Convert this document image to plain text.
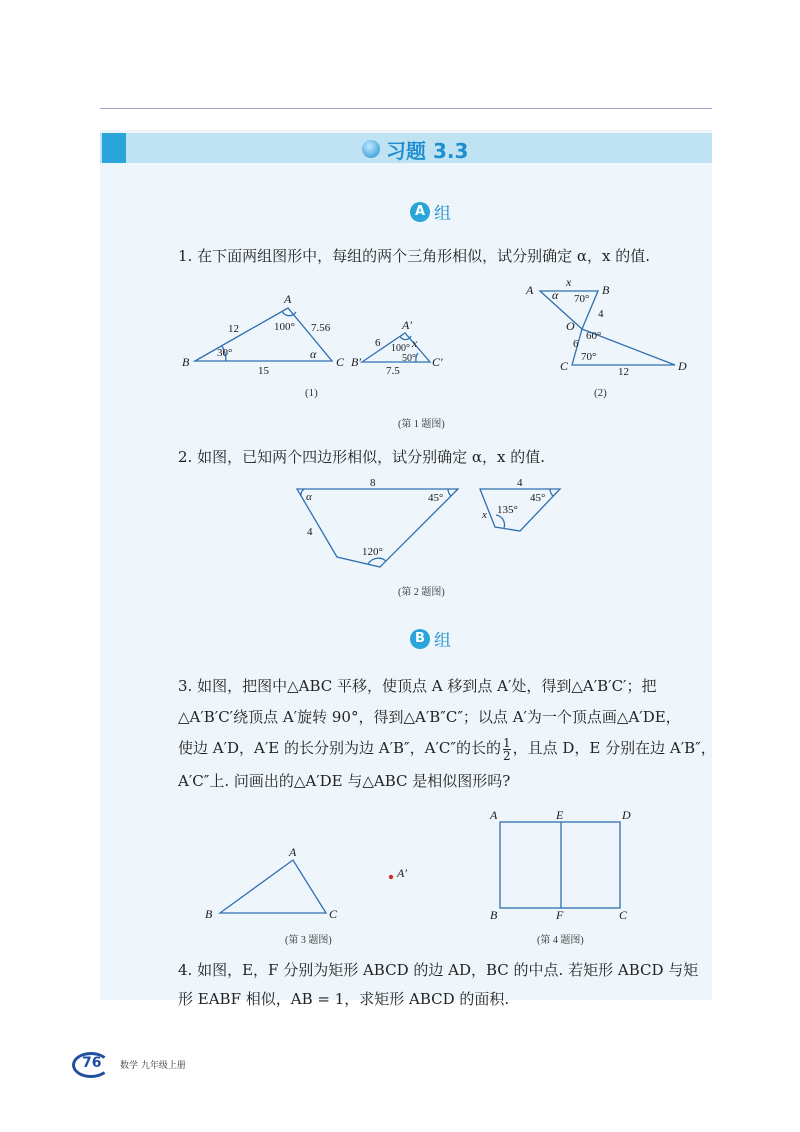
习题 3.3
A 组
1. 在下面两组图形中，每组的两个三角形相似，试分别确定 α，x 的值.
B
A
C
α
B′
A′
C′
x
A	B
O
C	D
x
α
12	7.56
15
30°
100°
6
7.5
100°
50°
70°
4
60°
6
70°
12
(1)	(2)
(第 1 题图)
2. 如图，已知两个四边形相似，试分别确定 α，x 的值.
8
4
α	45°
120°
4
x
45°
135°
(第 2 题图)
B 组
3. 如图，把图中△ABC 平移，使顶点 A 移到点 A′处，得到△A′B′C′；把
△A′B′C′绕顶点 A′旋转 90°，得到△A′B″C″；以点 A′为一个顶点画△A′DE，
使边 A′D，A′E 的长分别为边 A′B″，A′C″的长的 $\frac{1}{2}$ ，且点 D，E 分别在边 A′B″，
A′C″上. 问画出的△A′DE 与△ABC 是相似图形吗?
B
A
C
A′
A	E	D
B	F	C
(第 3 题图)	(第 4 题图)
4. 如图，E，F 分别为矩形 ABCD 的边 AD，BC 的中点. 若矩形 ABCD 与矩
形 EABF 相似，AB = 1，求矩形 ABCD 的面积.
76 数学 九年级上册
